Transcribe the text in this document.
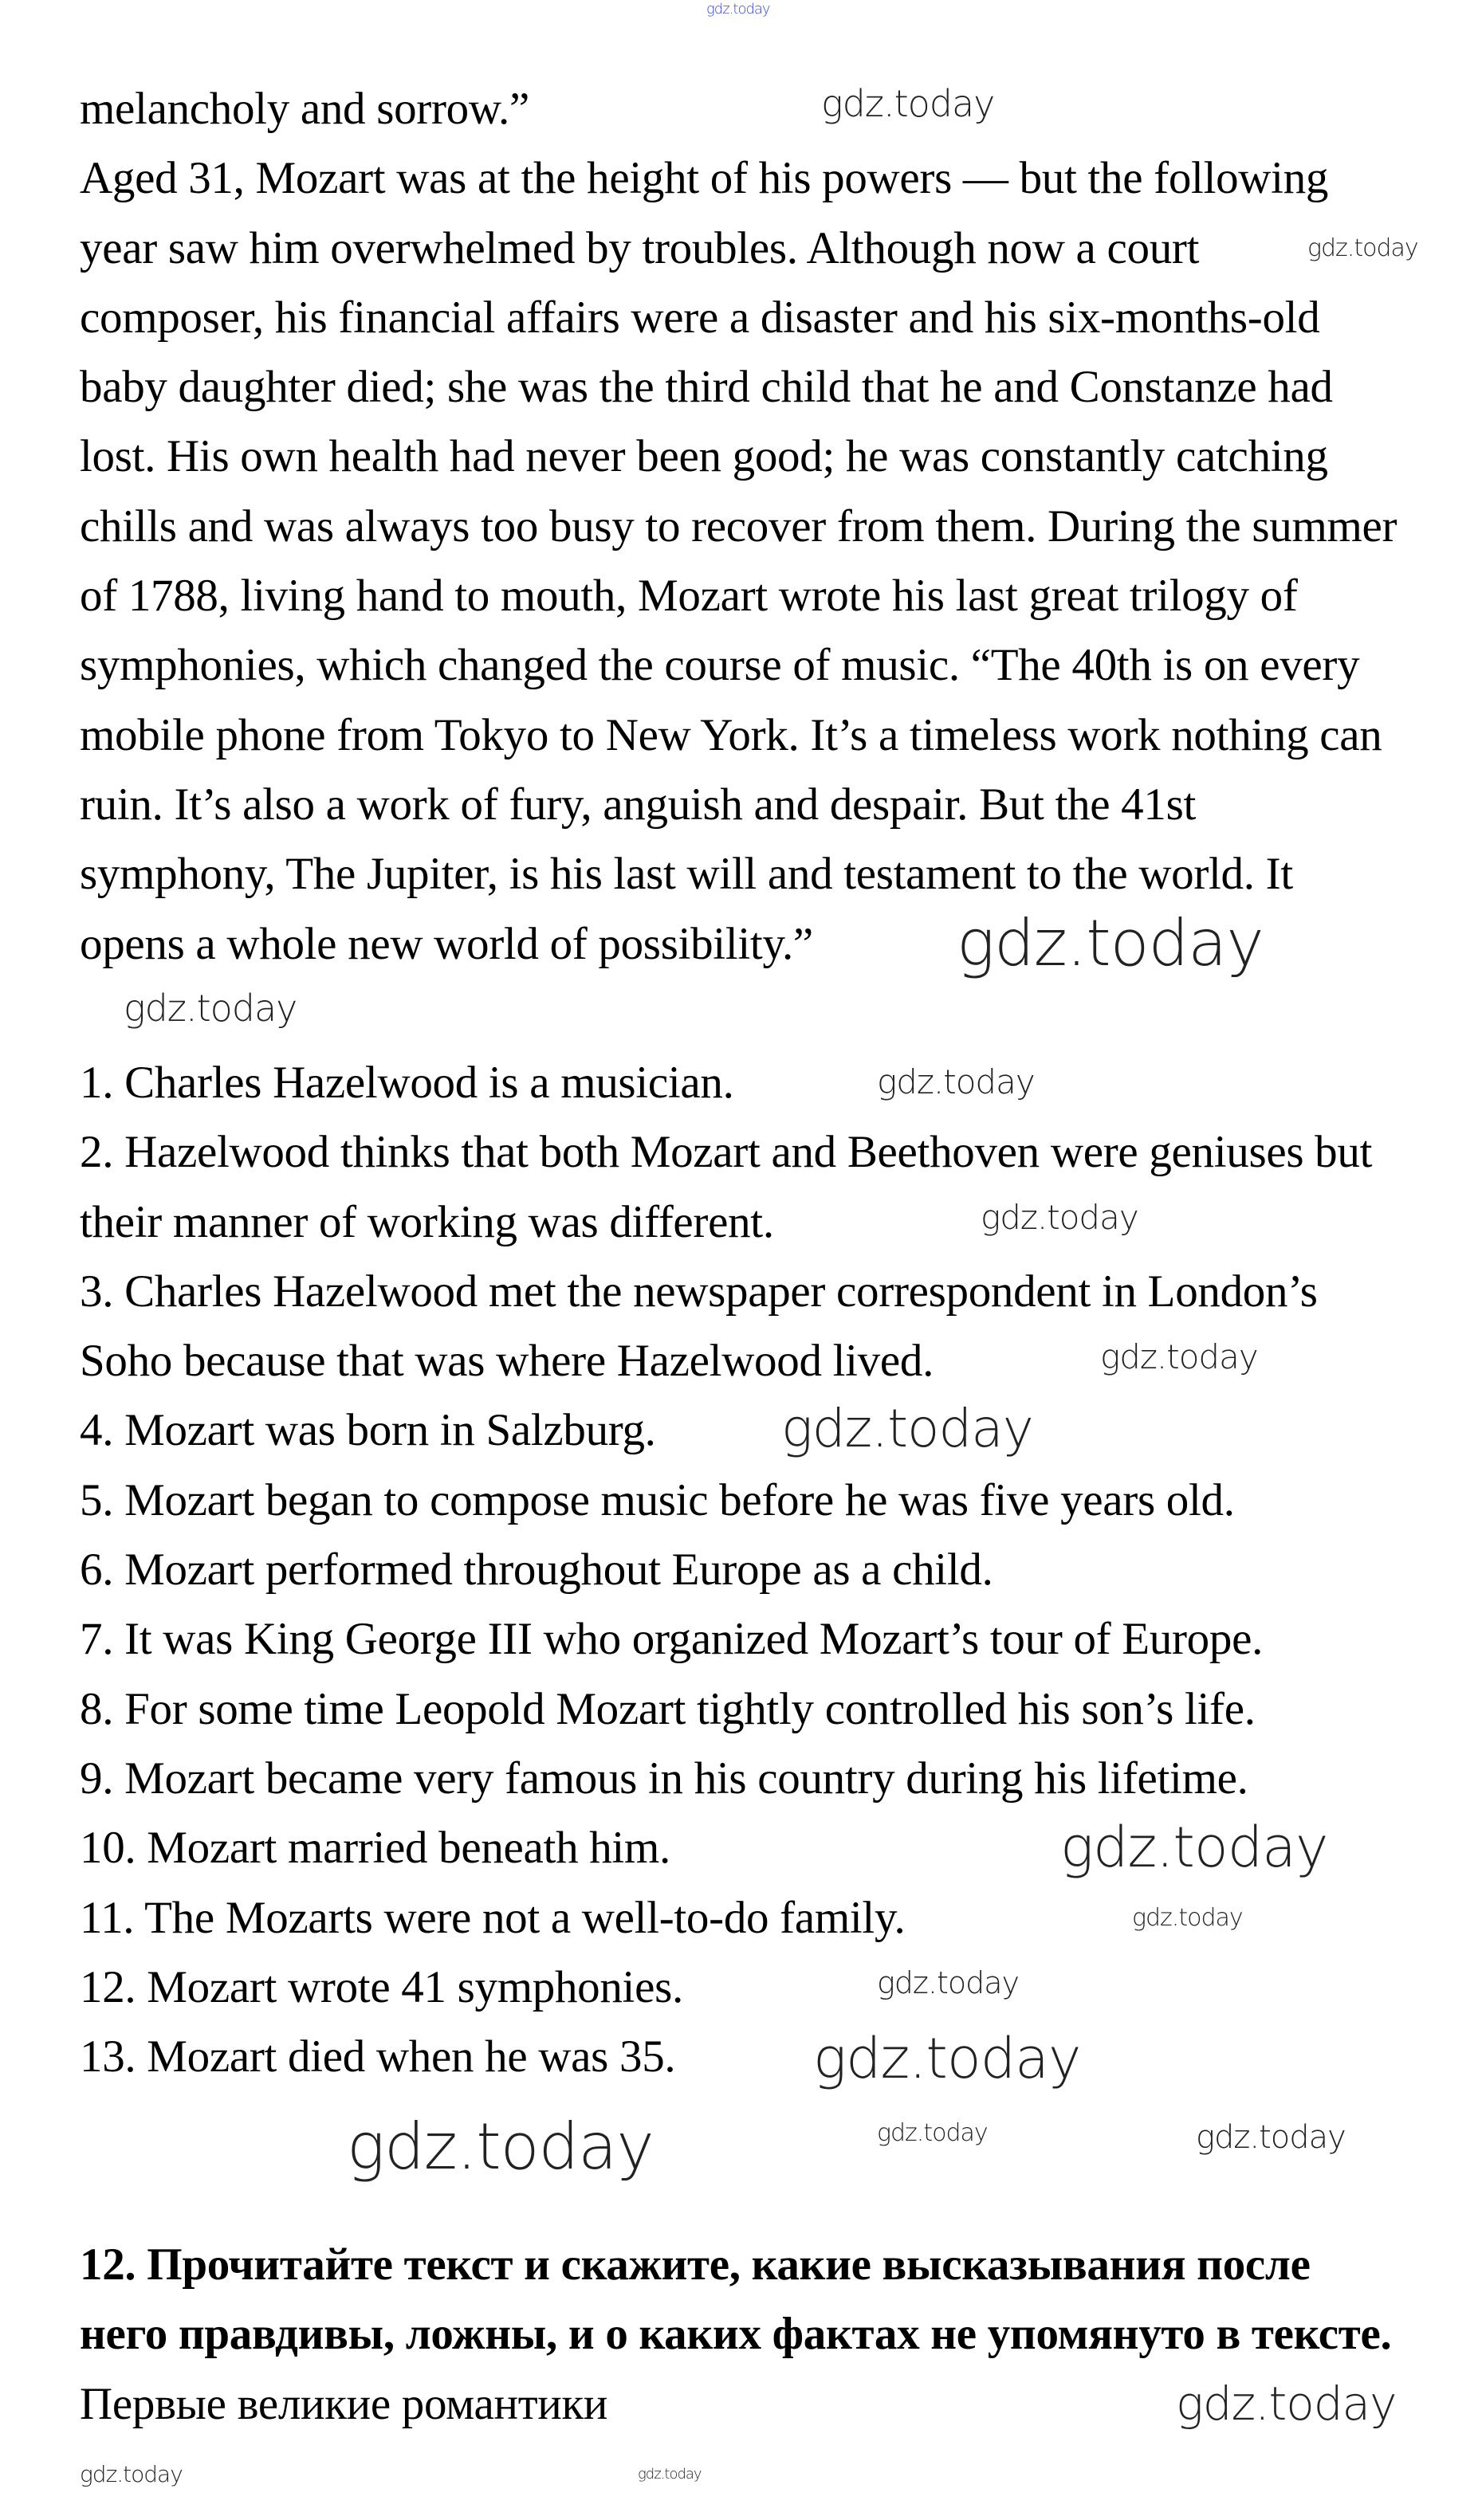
gdz.today
melancholy and sorrow.”
Aged 31, Mozart was at the height of his powers — but the following
year saw him overwhelmed by troubles. Although now a court
composer, his financial affairs were a disaster and his six-months-old
baby daughter died; she was the third child that he and Constanze had
lost. His own health had never been good; he was constantly catching
chills and was always too busy to recover from them. During the summer
of 1788, living hand to mouth, Mozart wrote his last great trilogy of
symphonies, which changed the course of music. “The 40th is on every
mobile phone from Tokyo to New York. It’s a timeless work nothing can
ruin. It’s also a work of fury, anguish and despair. But the 41st
symphony, The Jupiter, is his last will and testament to the world. It
opens a whole new world of possibility.”
1. Charles Hazelwood is a musician.
2. Hazelwood thinks that both Mozart and Beethoven were geniuses but
their manner of working was different.
3. Charles Hazelwood met the newspaper correspondent in London’s
Soho because that was where Hazelwood lived.
4. Mozart was born in Salzburg.
5. Mozart began to compose music before he was five years old.
6. Mozart performed throughout Europe as a child.
7. It was King George III who organized Mozart’s tour of Europe.
8. For some time Leopold Mozart tightly controlled his son’s life.
9. Mozart became very famous in his country during his lifetime.
10. Mozart married beneath him.
11. The Mozarts were not a well-to-do family.
12. Mozart wrote 41 symphonies.
13. Mozart died when he was 35.
12. Прочитайте текст и скажите, какие высказывания после
него правдивы, ложны, и о каких фактах не упомянуто в тексте.
Первые великие романтики
gdz.today
gdz.today
gdz.today
gdz.today
gdz.today
gdz.today
gdz.today
gdz.today
gdz.today
gdz.today
gdz.today
gdz.today
gdz.today	gdz.today	gdz.today
gdz.today
gdz.today	gdz.today
